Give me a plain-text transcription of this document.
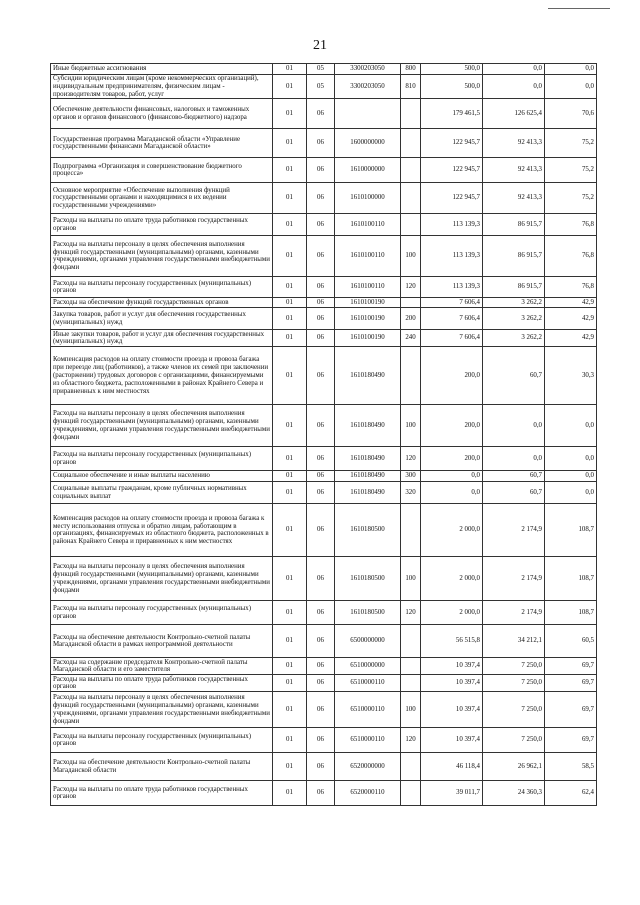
21
Иные бюджетные ассигнования	01	05	3300203050	800	500,0	0,0	0,0
Субсидии юридическим лицам (кроме некоммерческих организаций), индивидуальным предпринимателям, физическим лицам - производителям товаров, работ, услуг	01	05	3300203050	810	500,0	0,0	0,0
Обеспечение деятельности финансовых, налоговых и таможенных органов и органов финансового (финансово-бюджетного) надзора	01	06			179 461,5	126 625,4	70,6
Государственная программа Магаданской области «Управление государственными финансами Магаданской области»	01	06	1600000000		122 945,7	92 413,3	75,2
Подпрограмма «Организация и совершенствование бюджетного процесса»	01	06	1610000000		122 945,7	92 413,3	75,2
Основное мероприятие «Обеспечение выполнения функций государственными органами и находящимися в их ведении государственными учреждениями»	01	06	1610100000		122 945,7	92 413,3	75,2
Расходы на выплаты по оплате труда работников государственных органов	01	06	1610100110		113 139,3	86 915,7	76,8
Расходы на выплаты персоналу в целях обеспечения выполнения функций государственными (муниципальными) органами, казенными учреждениями, органами управления государственными внебюджетными фондами	01	06	1610100110	100	113 139,3	86 915,7	76,8
Расходы на выплаты персоналу государственных (муниципальных) органов	01	06	1610100110	120	113 139,3	86 915,7	76,8
Расходы на обеспечение функций государственных органов	01	06	1610100190		7 606,4	3 262,2	42,9
Закупка товаров, работ и услуг для обеспечения государственных (муниципальных) нужд	01	06	1610100190	200	7 606,4	3 262,2	42,9
Иные закупки товаров, работ и услуг для обеспечения государственных (муниципальных) нужд	01	06	1610100190	240	7 606,4	3 262,2	42,9
Компенсация расходов на оплату стоимости проезда и провоза багажа при переезде лиц (работников), а также членов их семей при заключении (расторжении) трудовых договоров с организациями, финансируемыми из областного бюджета, расположенными в районах Крайнего Севера и приравненных к ним местностях	01	06	1610180490		200,0	60,7	30,3
Расходы на выплаты персоналу в целях обеспечения выполнения функций государственными (муниципальными) органами, казенными учреждениями, органами управления государственными внебюджетными фондами	01	06	1610180490	100	200,0	0,0	0,0
Расходы на выплаты персоналу государственных (муниципальных) органов	01	06	1610180490	120	200,0	0,0	0,0
Социальное обеспечение и иные выплаты населению	01	06	1610180490	300	0,0	60,7	0,0
Социальные выплаты гражданам, кроме публичных нормативных социальных выплат	01	06	1610180490	320	0,0	60,7	0,0
Компенсация расходов на оплату стоимости проезда и провоза багажа к месту использования отпуска и обратно лицам, работающим в организациях, финансируемых из областного бюджета, расположенных в районах Крайнего Севера и приравненных к ним местностях	01	06	1610180500		2 000,0	2 174,9	108,7
Расходы на выплаты персоналу в целях обеспечения выполнения функций государственными (муниципальными) органами, казенными учреждениями, органами управления государственными внебюджетными фондами	01	06	1610180500	100	2 000,0	2 174,9	108,7
Расходы на выплаты персоналу государственных (муниципальных) органов	01	06	1610180500	120	2 000,0	2 174,9	108,7
Расходы на обеспечение деятельности Контрольно-счетной палаты Магаданской области в рамках непрограммной деятельности	01	06	6500000000		56 515,8	34 212,1	60,5
Расходы на содержание председателя Контрольно-счетной палаты Магаданской области и его заместителя	01	06	6510000000		10 397,4	7 250,0	69,7
Расходы на выплаты по оплате труда работников государственных органов	01	06	6510000110		10 397,4	7 250,0	69,7
Расходы на выплаты персоналу в целях обеспечения выполнения функций государственными (муниципальными) органами, казенными учреждениями, органами управления государственными внебюджетными фондами	01	06	6510000110	100	10 397,4	7 250,0	69,7
Расходы на выплаты персоналу государственных (муниципальных) органов	01	06	6510000110	120	10 397,4	7 250,0	69,7
Расходы на обеспечение деятельности Контрольно-счетной палаты Магаданской области	01	06	6520000000		46 118,4	26 962,1	58,5
Расходы на выплаты по оплате труда работников государственных органов	01	06	6520000110		39 011,7	24 360,3	62,4
